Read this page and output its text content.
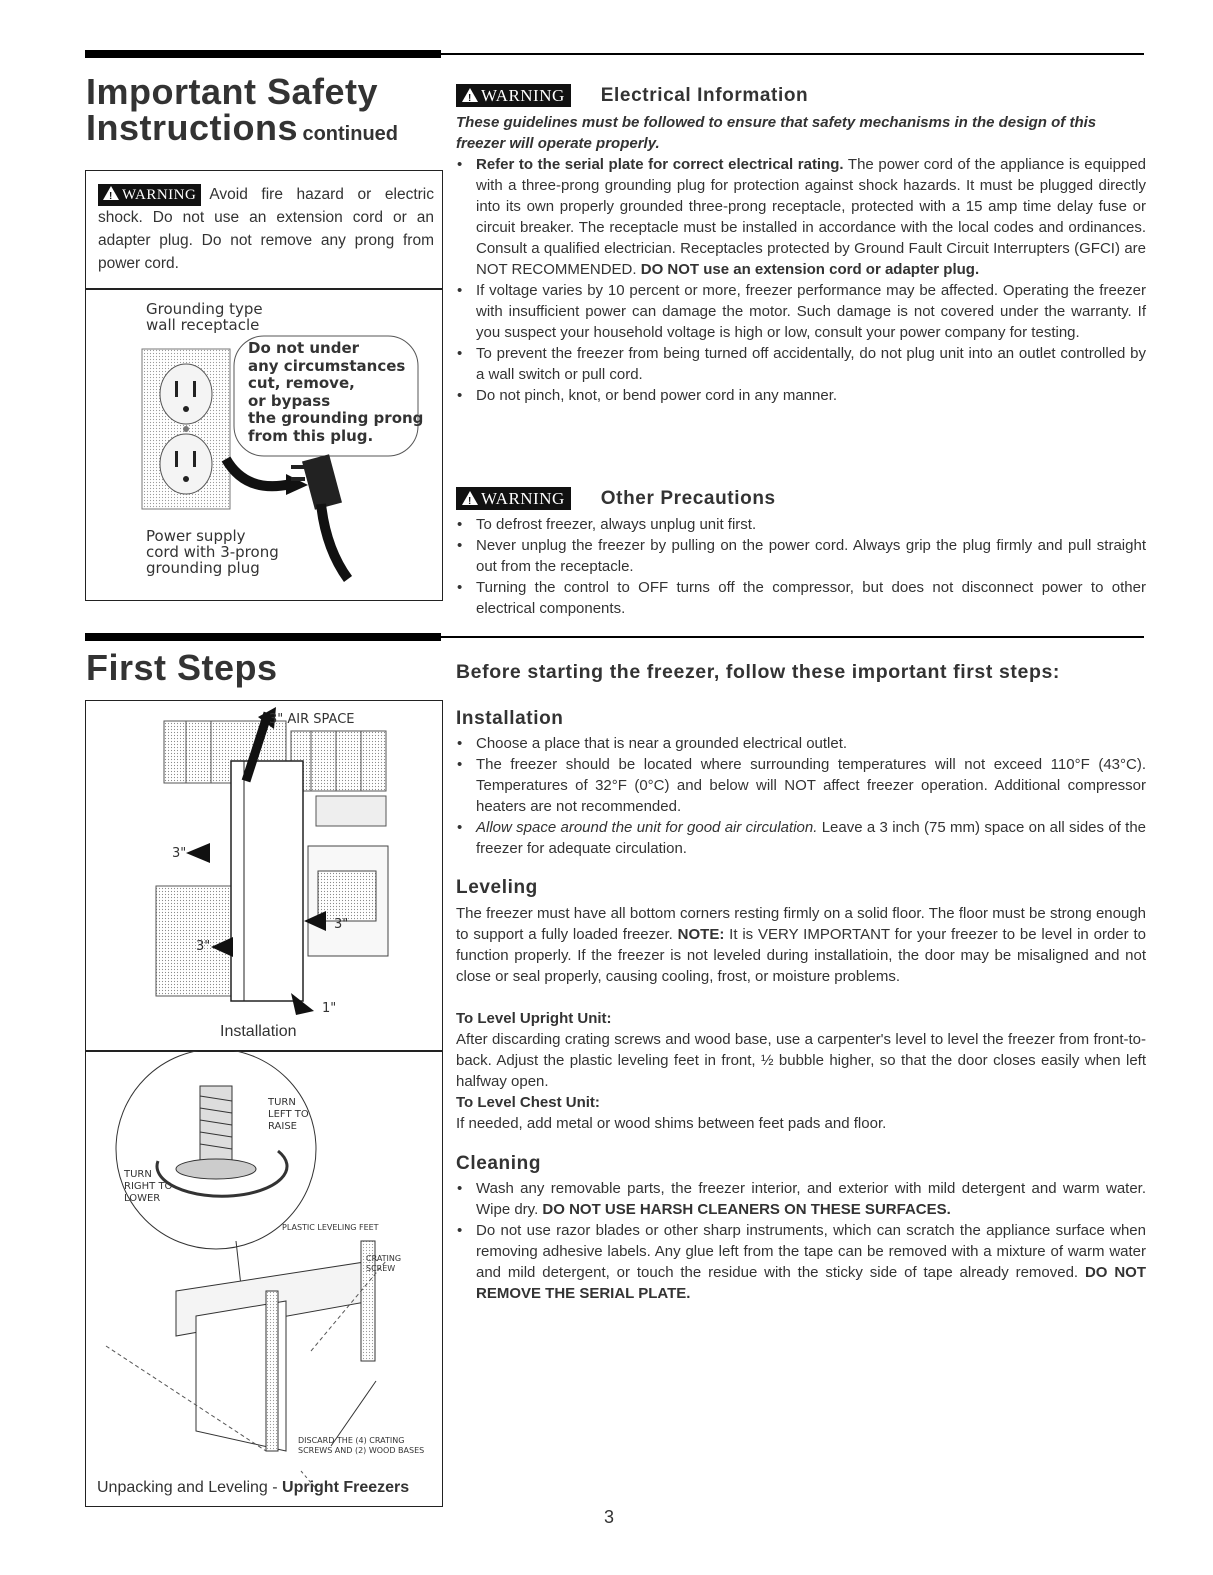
Important Safety
Instructions continued
!WARNING Avoid fire hazard or electric shock. Do not use an extension cord or an adapter plug. Do not remove any prong from power cord.
Grounding type
wall receptacle
Do not under
any circumstances
cut, remove,
or bypass
the grounding prong
from this plug.
Power supply
cord with 3-prong
grounding plug
!WARNING Electrical Information
These guidelines must be followed to ensure that safety mechanisms in the design of this freezer will operate properly.
• Refer to the serial plate for correct electrical rating. The power cord of the appliance is equipped with a three-prong grounding plug for protection against shock hazards. It must be plugged directly into its own properly grounded three-prong receptacle, protected with a 15 amp time delay fuse or circuit breaker. The receptacle must be installed in accordance with the local codes and ordinances. Consult a qualified electrician. Receptacles protected by Ground Fault Circuit Interrupters (GFCI) are NOT RECOMMENDED. DO NOT use an extension cord or adapter plug.
• If voltage varies by 10 percent or more, freezer performance may be affected. Operating the freezer with insufficient power can damage the motor. Such damage is not covered under the warranty. If you suspect your household voltage is high or low, consult your power company for testing.
• To prevent the freezer from being turned off accidentally, do not plug unit into an outlet controlled by a wall switch or pull cord.
• Do not pinch, knot, or bend power cord in any manner.
!WARNING Other Precautions
• To defrost freezer, always unplug unit first.
• Never unplug the freezer by pulling on the power cord. Always grip the plug firmly and pull straight out from the receptacle.
• Turning the control to OFF turns off the compressor, but does not disconnect power to other electrical components.
First Steps	Before starting the freezer, follow these important first steps:
3" AIR SPACE
3"
3"
3"
1"
Installation
TURN
LEFT TO
RAISE
TURN
RIGHT TO
LOWER
PLASTIC LEVELING FEET
CRATING
SCREW
DISCARD THE (4) CRATING
SCREWS AND (2) WOOD BASES
Unpacking and Leveling - Upright Freezers
Installation
• Choose a place that is near a grounded electrical outlet.
• The freezer should be located where surrounding temperatures will not exceed 110°F (43°C). Temperatures of 32°F (0°C) and below will NOT affect freezer operation. Additional compressor heaters are not recommended.
• Allow space around the unit for good air circulation. Leave a 3 inch (75 mm) space on all sides of the freezer for adequate circulation.
Leveling
The freezer must have all bottom corners resting firmly on a solid floor. The floor must be strong enough to support a fully loaded freezer. NOTE: It is VERY IMPORTANT for your freezer to be level in order to function properly. If the freezer is not leveled during installatioin, the door may be misaligned and not close or seal properly, causing cooling, frost, or moisture problems.
To Level Upright Unit:
After discarding crating screws and wood base, use a carpenter's level to level the freezer from front-to-back. Adjust the plastic leveling feet in front, ½ bubble higher, so that the door closes easily when left halfway open.
To Level Chest Unit:
If needed, add metal or wood shims between feet pads and floor.
Cleaning
• Wash any removable parts, the freezer interior, and exterior with mild detergent and warm water. Wipe dry. DO NOT USE HARSH CLEANERS ON THESE SURFACES.
• Do not use razor blades or other sharp instruments, which can scratch the appliance surface when removing adhesive labels. Any glue left from the tape can be removed with a mixture of warm water and mild detergent, or touch the residue with the sticky side of tape already removed. DO NOT REMOVE THE SERIAL PLATE.
3
